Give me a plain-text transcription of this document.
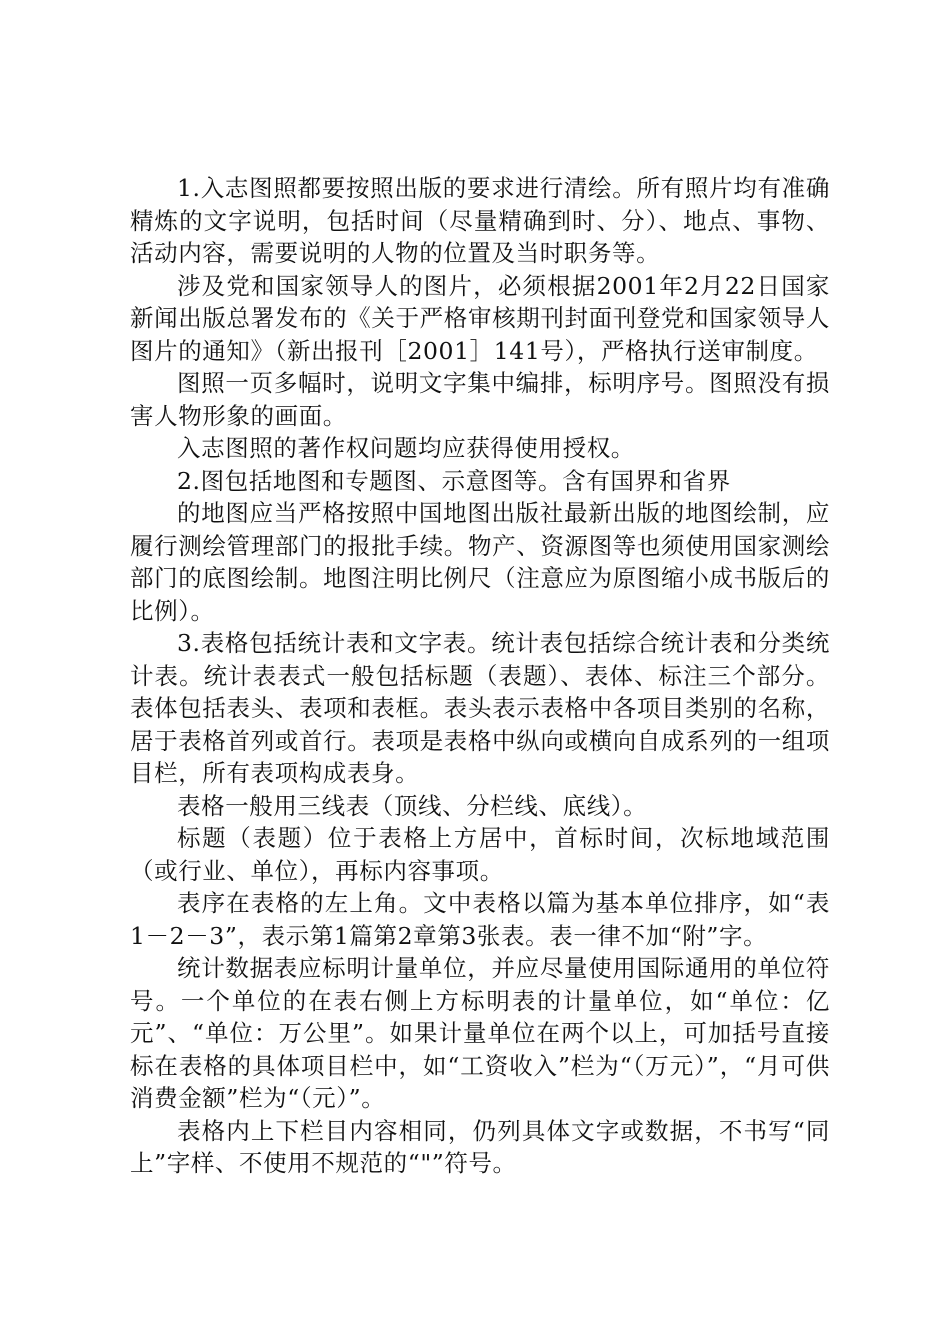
1.入志图照都要按照出版的要求进行清绘。所有照片均有准确精炼的文字说明，包括时间（尽量精确到时、分）、地点、事物、活动内容，需要说明的人物的位置及当时职务等。

涉及党和国家领导人的图片，必须根据2001年2月22日国家新闻出版总署发布的《关于严格审核期刊封面刊登党和国家领导人图片的通知》（新出报刊［2001］141号），严格执行送审制度。

图照一页多幅时，说明文字集中编排，标明序号。图照没有损害人物形象的画面。

入志图照的著作权问题均应获得使用授权。

2.图包括地图和专题图、示意图等。含有国界和省界

的地图应当严格按照中国地图出版社最新出版的地图绘制，应履行测绘管理部门的报批手续。物产、资源图等也须使用国家测绘部门的底图绘制。地图注明比例尺（注意应为原图缩小成书版后的比例）。

3.表格包括统计表和文字表。统计表包括综合统计表和分类统计表。统计表表式一般包括标题（表题）、表体、标注三个部分。表体包括表头、表项和表框。表头表示表格中各项目类别的名称，居于表格首列或首行。表项是表格中纵向或横向自成系列的一组项目栏，所有表项构成表身。

表格一般用三线表（顶线、分栏线、底线）。

标题（表题）位于表格上方居中，首标时间，次标地域范围（或行业、单位），再标内容事项。

表序在表格的左上角。文中表格以篇为基本单位排序，如“表1－2－3”，表示第1篇第2章第3张表。表一律不加“附”字。

统计数据表应标明计量单位，并应尽量使用国际通用的单位符号。一个单位的在表右侧上方标明表的计量单位，如“单位：亿元”、“单位：万公里”。如果计量单位在两个以上，可加括号直接标在表格的具体项目栏中，如“工资收入”栏为“（万元）”，“月可供消费金额”栏为“（元）”。

表格内上下栏目内容相同，仍列具体文字或数据，不书写“同上”字样、不使用不规范的“"”符号。
